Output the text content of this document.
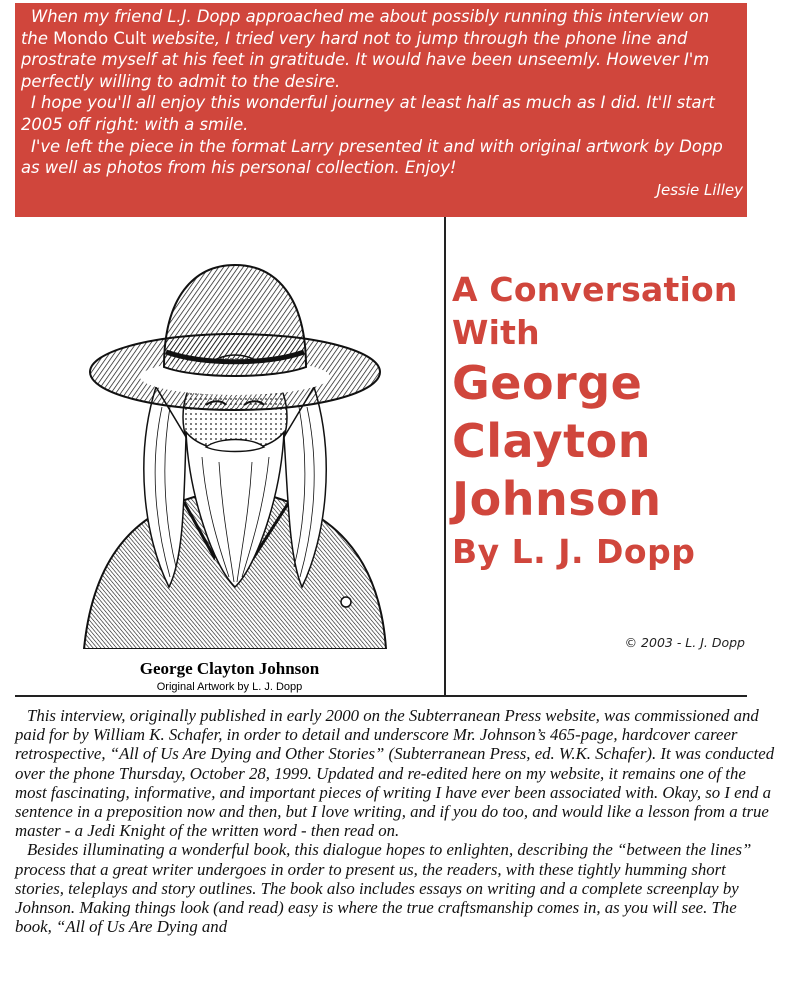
When my friend L.J. Dopp approached me about possibly running this interview on the Mondo Cult website, I tried very hard not to jump through the phone line and prostrate myself at his feet in gratitude. It would have been unseemly. However I'm perfectly willing to admit to the desire.

I hope you'll all enjoy this wonderful journey at least half as much as I did. It'll start 2005 off right: with a smile.

I've left the piece in the format Larry presented it and with original artwork by Dopp as well as photos from his personal collection. Enjoy!

Jessie Lilley
George Clayton Johnson
Original Artwork by L. J. Dopp
A Conversation
With
George
Clayton
Johnson
By L. J. Dopp
© 2003 - L. J. Dopp

This interview, originally published in early 2000 on the Subterranean Press website, was commissioned and paid for by William K. Schafer, in order to detail and underscore Mr. Johnson’s 465-page, hardcover career retrospective, “All of Us Are Dying and Other Stories” (Subterranean Press, ed. W.K. Schafer). It was conducted over the phone Thursday, October 28, 1999. Updated and re-edited here on my website, it remains one of the most fascinating, informative, and important pieces of writing I have ever been associated with. Okay, so I end a sentence in a preposition now and then, but I love writing, and if you do too, and would like a lesson from a true master - a Jedi Knight of the written word - then read on.

Besides illuminating a wonderful book, this dialogue hopes to enlighten, describing the “between the lines” process that a great writer undergoes in order to present us, the readers, with these tightly humming short stories, teleplays and story outlines. The book also includes essays on writing and a complete screenplay by Johnson. Making things look (and read) easy is where the true craftsmanship comes in, as you will see. The book, “All of Us Are Dying and
